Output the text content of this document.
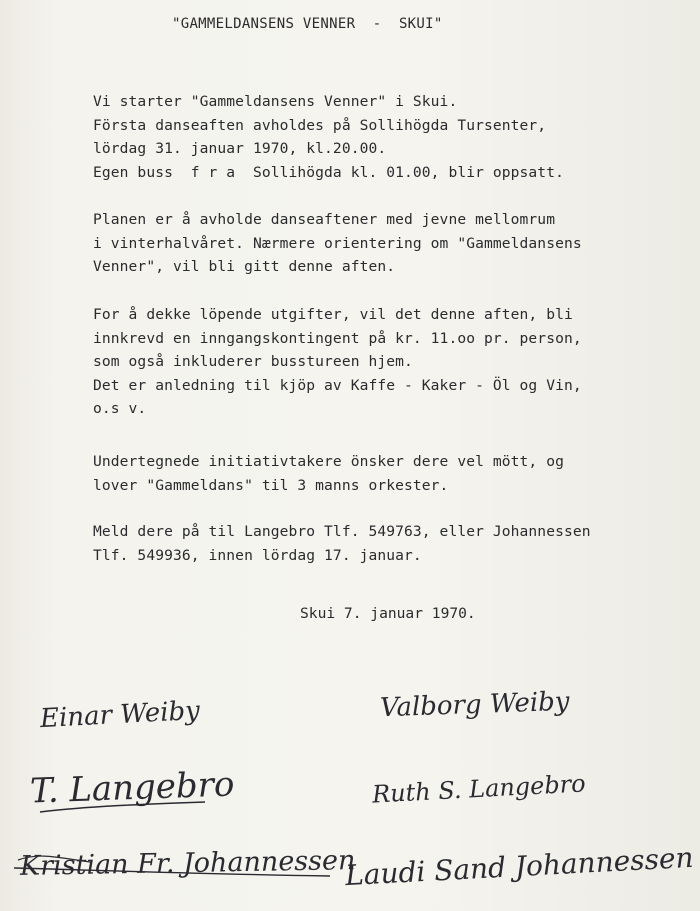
"GAMMELDANSENS VENNER  -  SKUI"

Vi starter "Gammeldansens Venner" i Skui.
Första danseaften avholdes på Sollihögda Tursenter,
lördag 31. januar 1970, kl.20.00.
Egen buss  f r a  Sollihögda kl. 01.00, blir oppsatt.

Planen er å avholde danseaftener med jevne mellomrum
i vinterhalvåret. Nærmere orientering om "Gammeldansens
Venner", vil bli gitt denne aften.

For å dekke löpende utgifter, vil det denne aften, bli
innkrevd en inngangskontingent på kr. 11.oo pr. person,
som også inkluderer busstureen hjem.
Det er anledning til kjöp av Kaffe - Kaker - Öl og Vin,
o.s v.

Undertegnede initiativtakere önsker dere vel mött, og
lover "Gammeldans" til 3 manns orkester.

Meld dere på til Langebro Tlf. 549763, eller Johannessen
Tlf. 549936, innen lördag 17. januar.

Skui 7. januar 1970.
Einar Weiby	Valborg Weiby
T. Langebro	Ruth S. Langebro
Kristian Fr. Johannessen
Laudi Sand Johannessen
